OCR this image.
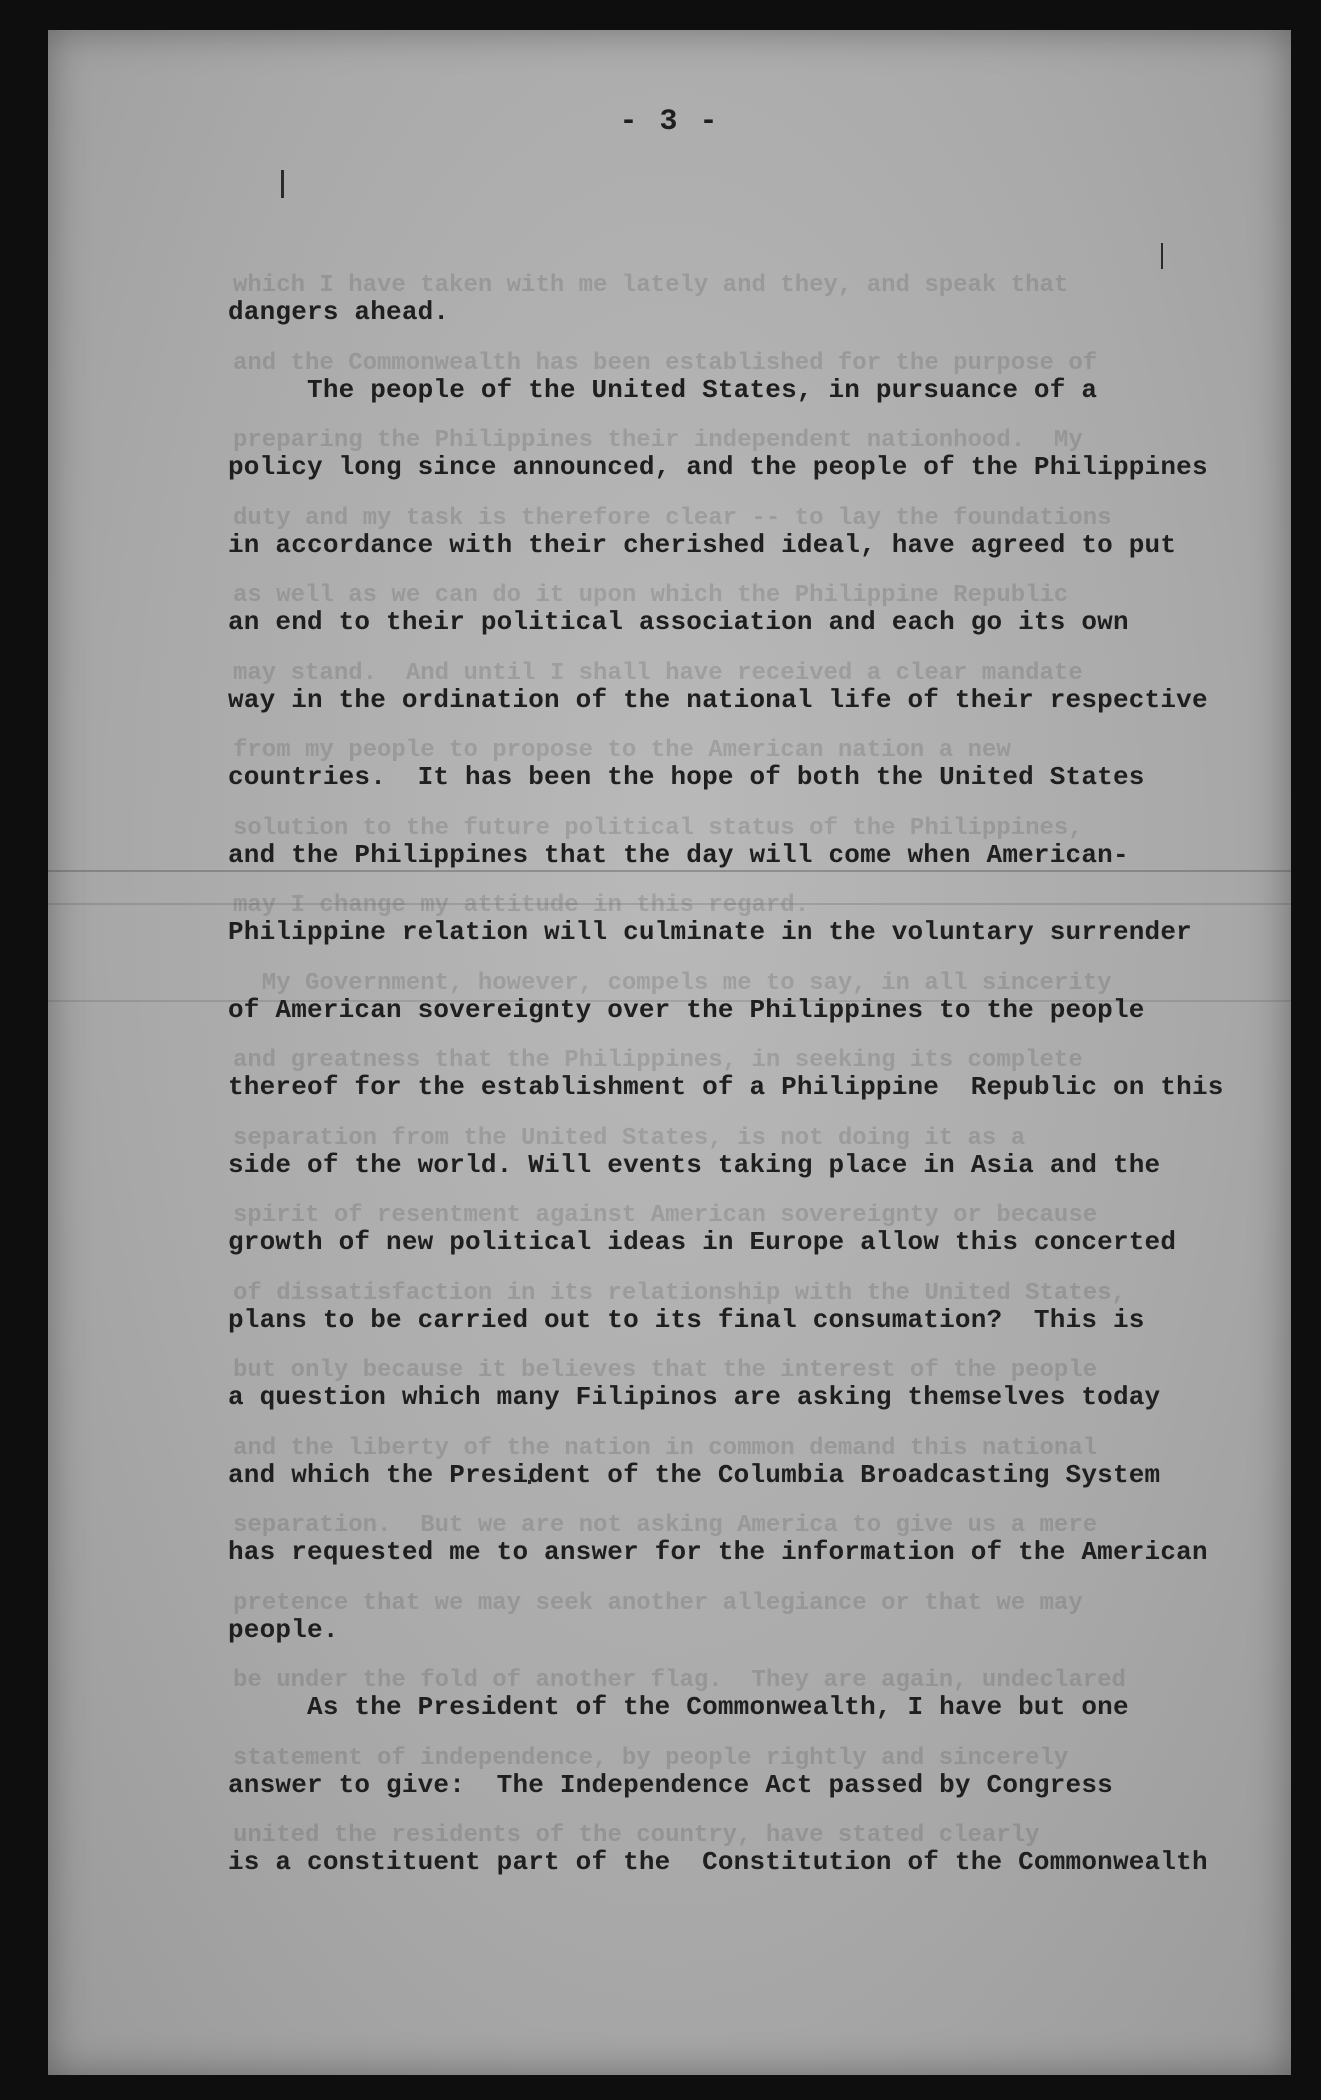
which I have taken with me lately and they, and speak that
and the Commonwealth has been established for the purpose of
preparing the Philippines their independent nationhood.  My
duty and my task is therefore clear -- to lay the foundations
as well as we can do it upon which the Philippine Republic
may stand.  And until I shall have received a clear mandate
from my people to propose to the American nation a new
solution to the future political status of the Philippines,
may I change my attitude in this regard.
My Government, however, compels me to say, in all sincerity
and greatness that the Philippines, in seeking its complete
separation from the United States, is not doing it as a
spirit of resentment against American sovereignty or because
of dissatisfaction in its relationship with the United States,
but only because it believes that the interest of the people
and the liberty of the nation in common demand this national
separation.  But we are not asking America to give us a mere
pretence that we may seek another allegiance or that we may
be under the fold of another flag.  They are again, undeclared
statement of independence, by people rightly and sincerely
united the residents of the country, have stated clearly
- 3 -
dangers ahead.
The people of the United States, in pursuance of a
policy long since announced, and the people of the Philippines
in accordance with their cherished ideal, have agreed to put
an end to their political association and each go its own
way in the ordination of the national life of their respective
countries.  It has been the hope of both the United States
and the Philippines that the day will come when American-
Philippine relation will culminate in the voluntary surrender
of American sovereignty over the Philippines to the people
thereof for the establishment of a Philippine  Republic on this
side of the world. Will events taking place in Asia and the
growth of new political ideas in Europe allow this concerted
plans to be carried out to its final consumation?  This is
a question which many Filipinos are asking themselves today
and which the President of the Columbia Broadcasting System
has requested me to answer for the information of the American
people.
As the President of the Commonwealth, I have but one
answer to give:  The Independence Act passed by Congress
is a constituent part of the  Constitution of the Commonwealth
